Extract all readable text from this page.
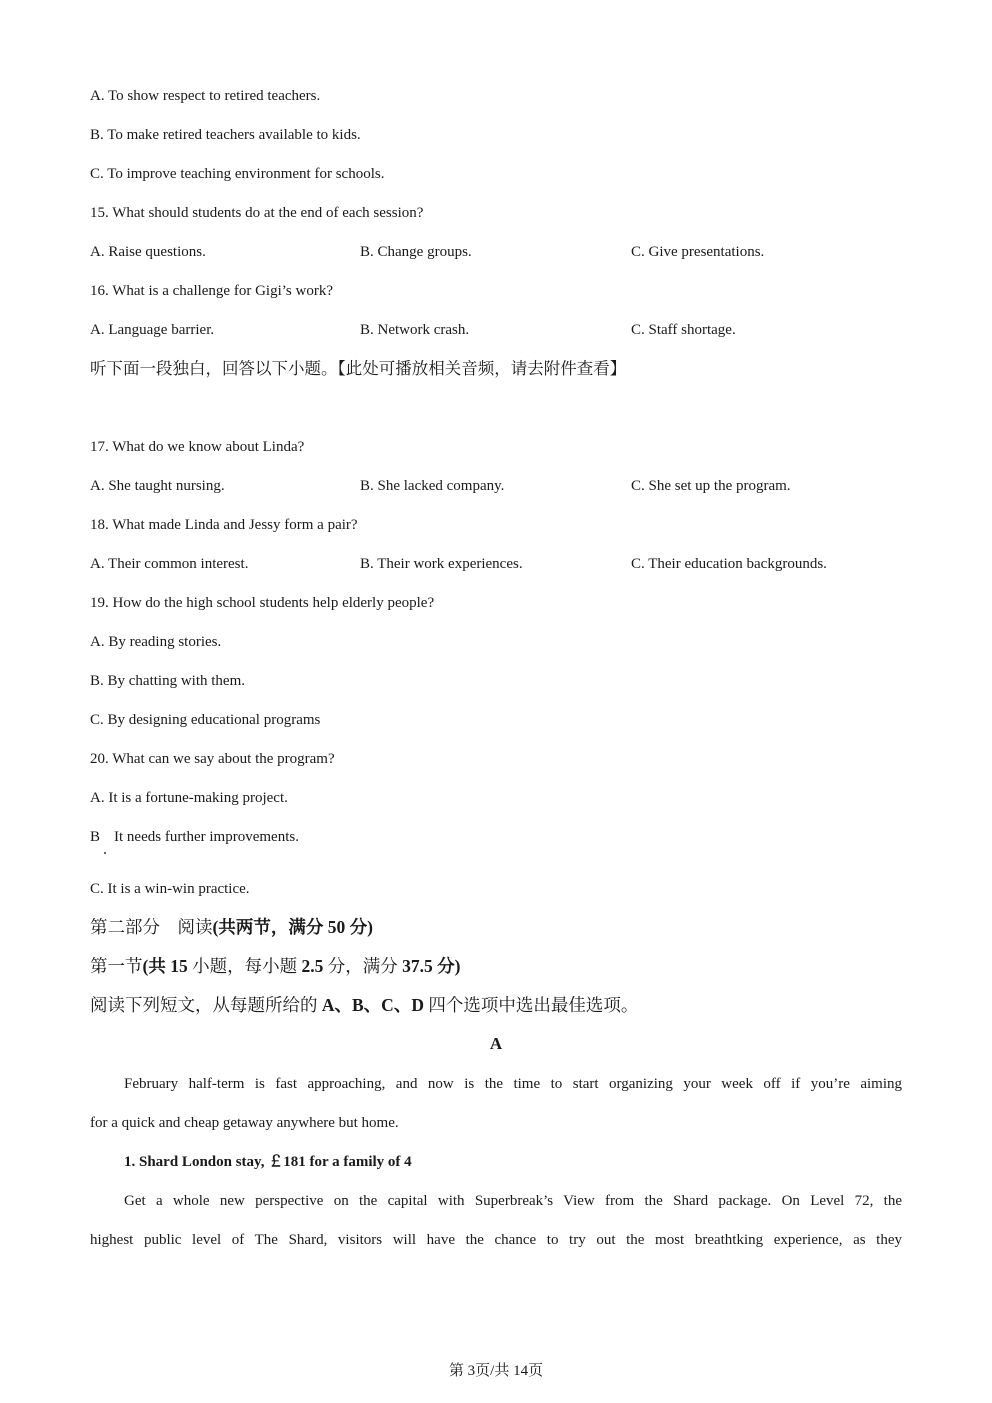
A. To show respect to retired teachers.
B. To make retired teachers available to kids.
C. To improve teaching environment for schools.
15. What should students do at the end of each session?
A. Raise questions.	B. Change groups.	C. Give presentations.
16. What is a challenge for Gigi’s work?
A. Language barrier.	B. Network crash.	C. Staff shortage.
听下面一段独白，回答以下小题。【此处可播放相关音频，请去附件查看】
17. What do we know about Linda?
A. She taught nursing.	B. She lacked company.	C. She set up the program.
18. What made Linda and Jessy form a pair?
A. Their common interest.	B. Their work experiences.	C. Their education backgrounds.
19. How do the high school students help elderly people?
A. By reading stories.
B. By chatting with them.
C. By designing educational programs
20. What can we say about the program?
A. It is a fortune-making project.
B It needs further improvements.
C. It is a win-win practice.
第二部分　阅读(共两节，满分 50 分)
第一节(共 15 小题，每小题 2.5 分，满分 37.5 分)
阅读下列短文，从每题所给的 A、B、C、D 四个选项中选出最佳选项。
A
February half-term is fast approaching, and now is the time to start organizing your week off if you’re aiming
for a quick and cheap getaway anywhere but home.
1. Shard London stay, ￡181 for a family of 4
Get a whole new perspective on the capital with Superbreak’s View from the Shard package. On Level 72, the
highest public level of The Shard, visitors will have the chance to try out the most breathtking experience, as they
第 3页/共 14页
